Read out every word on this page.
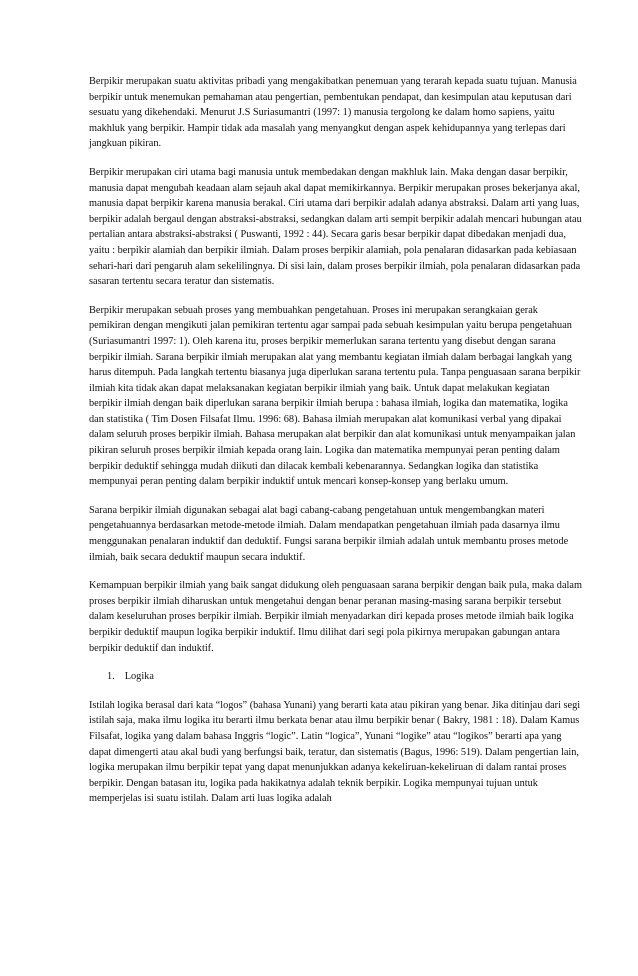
Berpikir merupakan suatu aktivitas pribadi yang mengakibatkan penemuan yang terarah kepada suatu tujuan. Manusia berpikir untuk menemukan pemahaman atau pengertian, pembentukan pendapat, dan kesimpulan atau keputusan dari sesuatu yang dikehendaki. Menurut J.S Suriasumantri (1997: 1) manusia tergolong ke dalam homo sapiens, yaitu makhluk yang berpikir. Hampir tidak ada masalah yang menyangkut dengan aspek kehidupannya yang terlepas dari jangkuan pikiran.

Berpikir merupakan ciri utama bagi manusia untuk membedakan dengan makhluk lain. Maka dengan dasar berpikir, manusia dapat mengubah keadaan alam sejauh akal dapat memikirkannya. Berpikir merupakan proses bekerjanya akal, manusia dapat berpikir karena manusia berakal. Ciri utama dari berpikir adalah adanya abstraksi. Dalam arti yang luas, berpikir adalah bergaul dengan abstraksi-abstraksi, sedangkan dalam arti sempit berpikir adalah mencari hubungan atau pertalian antara abstraksi-abstraksi ( Puswanti, 1992 : 44). Secara garis besar berpikir dapat dibedakan menjadi dua, yaitu : berpikir alamiah dan berpikir ilmiah. Dalam proses berpikir alamiah, pola penalaran didasarkan pada kebiasaan sehari-hari dari pengaruh alam sekelilingnya. Di sisi lain, dalam proses berpikir ilmiah, pola penalaran didasarkan pada sasaran tertentu secara teratur dan sistematis.

Berpikir merupakan sebuah proses yang membuahkan pengetahuan. Proses ini merupakan serangkaian gerak pemikiran dengan mengikuti jalan pemikiran tertentu agar sampai pada sebuah kesimpulan yaitu berupa pengetahuan (Suriasumantri 1997: 1). Oleh karena itu, proses berpikir memerlukan sarana tertentu yang disebut dengan sarana berpikir ilmiah. Sarana berpikir ilmiah merupakan alat yang membantu kegiatan ilmiah dalam berbagai langkah yang harus ditempuh. Pada langkah tertentu biasanya juga diperlukan sarana tertentu pula. Tanpa penguasaan sarana berpikir ilmiah kita tidak akan dapat melaksanakan kegiatan berpikir ilmiah yang baik. Untuk dapat melakukan kegiatan berpikir ilmiah dengan baik diperlukan sarana berpikir ilmiah berupa : bahasa ilmiah, logika dan matematika, logika dan statistika ( Tim Dosen Filsafat Ilmu. 1996: 68). Bahasa ilmiah merupakan alat komunikasi verbal yang dipakai dalam seluruh proses berpikir ilmiah. Bahasa merupakan alat berpikir dan alat komunikasi untuk menyampaikan jalan pikiran seluruh proses berpikir ilmiah kepada orang lain. Logika dan matematika mempunyai peran penting dalam berpikir deduktif sehingga mudah diikuti dan dilacak kembali kebenarannya. Sedangkan logika dan statistika mempunyai peran penting dalam berpikir induktif untuk mencari konsep-konsep yang berlaku umum.

Sarana berpikir ilmiah digunakan sebagai alat bagi cabang-cabang pengetahuan untuk mengembangkan materi pengetahuannya berdasarkan metode-metode ilmiah. Dalam mendapatkan pengetahuan ilmiah pada dasarnya ilmu menggunakan penalaran induktif dan deduktif. Fungsi sarana berpikir ilmiah adalah untuk membantu proses metode ilmiah, baik secara deduktif maupun secara induktif.

Kemampuan berpikir ilmiah yang baik sangat didukung oleh penguasaan sarana berpikir dengan baik pula, maka dalam proses berpikir ilmiah diharuskan untuk mengetahui dengan benar peranan masing-masing sarana berpikir tersebut dalam keseluruhan proses berpikir ilmiah. Berpikir ilmiah menyadarkan diri kepada proses metode ilmiah baik logika berpikir deduktif maupun logika berpikir induktif. Ilmu dilihat dari segi pola pikirnya merupakan gabungan antara berpikir deduktif dan induktif.

1. Logika

Istilah logika berasal dari kata “logos” (bahasa Yunani) yang berarti kata atau pikiran yang benar. Jika ditinjau dari segi istilah saja, maka ilmu logika itu berarti ilmu berkata benar atau ilmu berpikir benar ( Bakry, 1981 : 18). Dalam Kamus Filsafat, logika yang dalam bahasa Inggris “logic”. Latin “logica”, Yunani “logike” atau “logikos” berarti apa yang dapat dimengerti atau akal budi yang berfungsi baik, teratur, dan sistematis (Bagus, 1996: 519). Dalam pengertian lain, logika merupakan ilmu berpikir tepat yang dapat menunjukkan adanya kekeliruan-kekeliruan di dalam rantai proses berpikir. Dengan batasan itu, logika pada hakikatnya adalah teknik berpikir. Logika mempunyai tujuan untuk memperjelas isi suatu istilah. Dalam arti luas logika adalah
